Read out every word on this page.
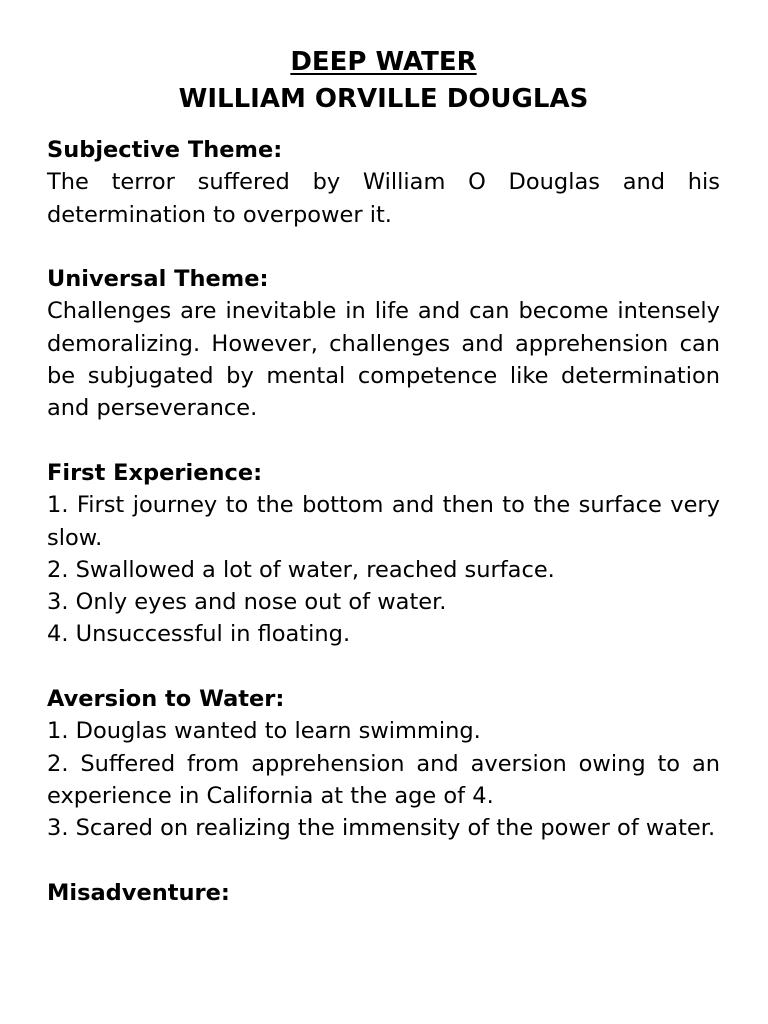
DEEP WATER
WILLIAM ORVILLE DOUGLAS
Subjective Theme:
The terror suffered by William O Douglas and his determination to overpower it.
Universal Theme:
Challenges are inevitable in life and can become intensely demoralizing. However, challenges and apprehension can be subjugated by mental competence like determination and perseverance.
First Experience:
1. First journey to the bottom and then to the surface very slow.
2. Swallowed a lot of water, reached surface.
3. Only eyes and nose out of water.
4. Unsuccessful in floating.
Aversion to Water:
1. Douglas wanted to learn swimming.
2. Suffered from apprehension and aversion owing to an experience in California at the age of 4.
3. Scared on realizing the immensity of the power of water.
Misadventure:
